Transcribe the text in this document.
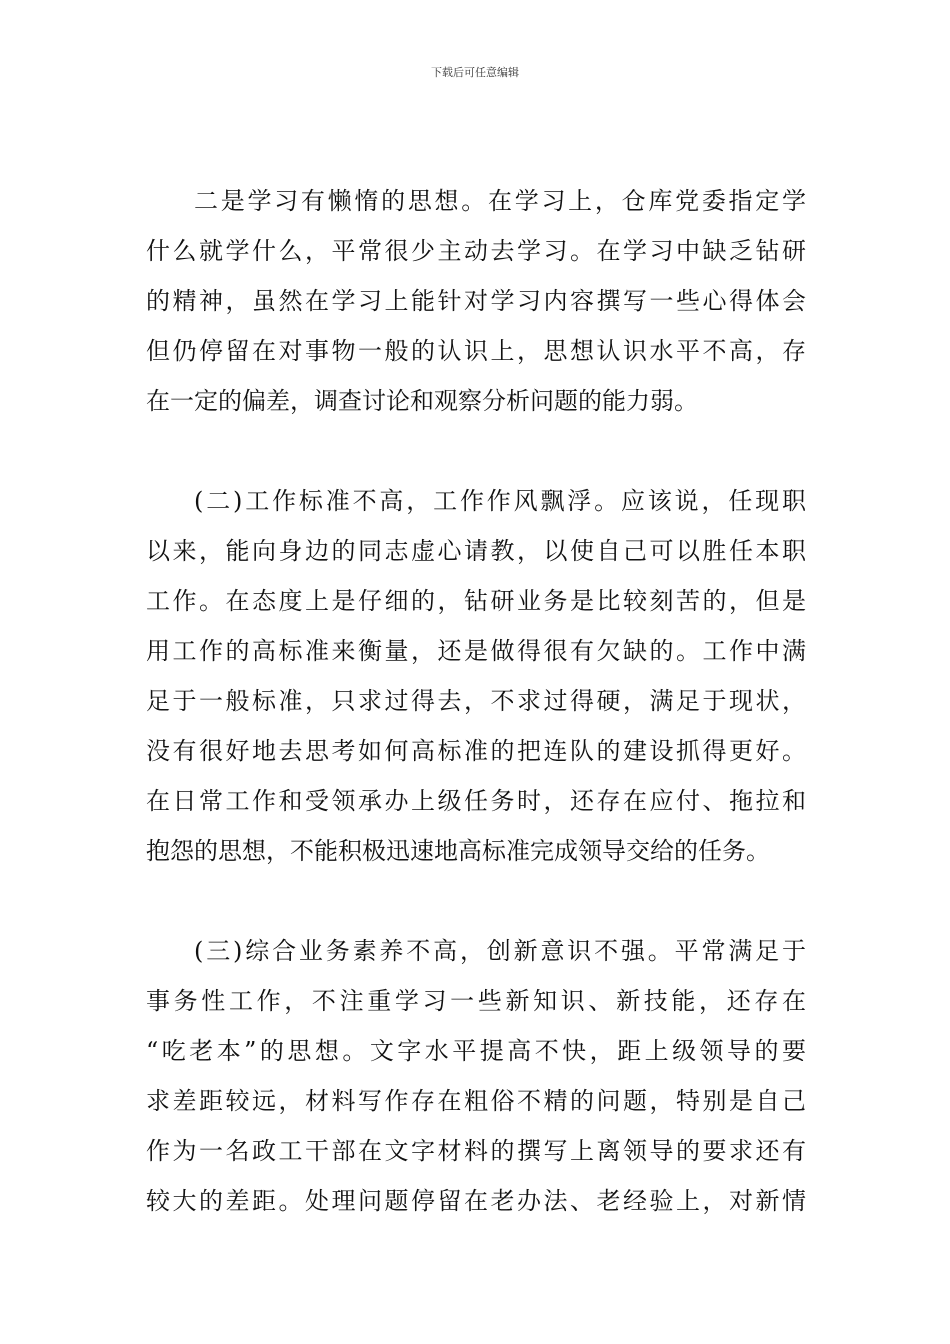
下载后可任意编辑
二是学习有懒惰的思想。在学习上，仓库党委指定学
什么就学什么，平常很少主动去学习。在学习中缺乏钻研
的精神，虽然在学习上能针对学习内容撰写一些心得体会
但仍停留在对事物一般的认识上，思想认识水平不高，存
在一定的偏差，调查讨论和观察分析问题的能力弱。
(二)工作标准不高，工作作风飘浮。应该说，任现职
以来，能向身边的同志虚心请教，以使自己可以胜任本职
工作。在态度上是仔细的，钻研业务是比较刻苦的，但是
用工作的高标准来衡量，还是做得很有欠缺的。工作中满
足于一般标准，只求过得去，不求过得硬，满足于现状，
没有很好地去思考如何高标准的把连队的建设抓得更好。
在日常工作和受领承办上级任务时，还存在应付、拖拉和
抱怨的思想，不能积极迅速地高标准完成领导交给的任务。
(三)综合业务素养不高，创新意识不强。平常满足于
事务性工作，不注重学习一些新知识、新技能，还存在
“吃老本”的思想。文字水平提高不快，距上级领导的要
求差距较远，材料写作存在粗俗不精的问题，特别是自己
作为一名政工干部在文字材料的撰写上离领导的要求还有
较大的差距。处理问题停留在老办法、老经验上，对新情
